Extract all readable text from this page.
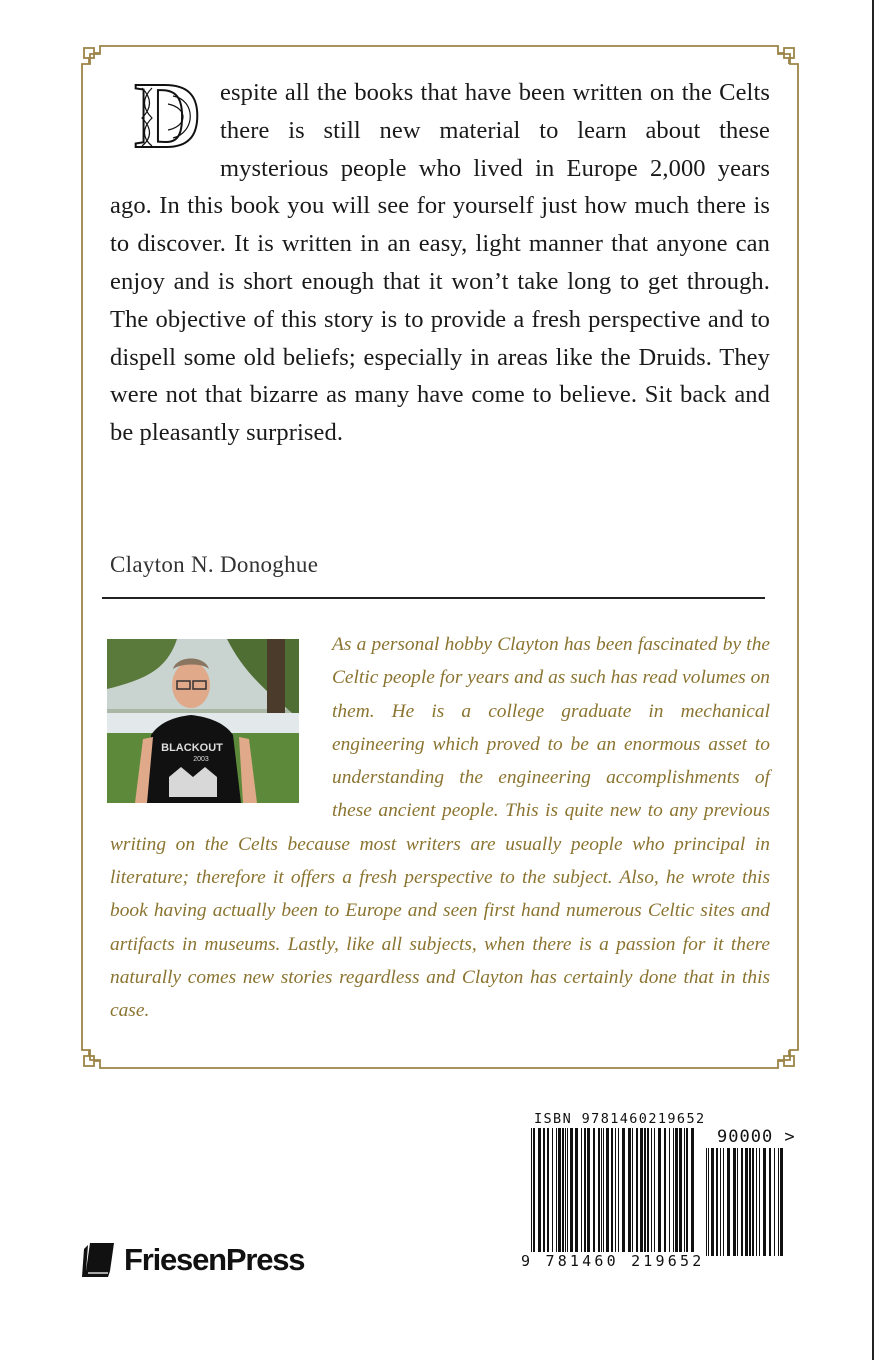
D espite all the books that have been written on the Celts there is still new material to learn about these mysterious people who lived in Europe 2,000 years ago. In this book you will see for yourself just how much there is to discover. It is written in an easy, light manner that anyone can enjoy and is short enough that it won’t take long to get through. The objective of this story is to provide a fresh perspective and to dispell some old beliefs; especially in areas like the Druids. They were not that bizarre as many have come to believe. Sit back and be pleasantly surprised.
Clayton N. Donoghue
BLACKOUT
2003
As a personal hobby Clayton has been fascinated by the Celtic people for years and as such has read volumes on them. He is a college graduate in mechanical engineering which proved to be an enormous asset to understanding the engineering accomplishments of these ancient people. This is quite new to any previous writing on the Celts because most writers are usually people who principal in literature; therefore it offers a fresh perspective to the subject. Also, he wrote this book having actually been to Europe and seen first hand numerous Celtic sites and artifacts in museums. Lastly, like all subjects, when there is a passion for it there naturally comes new stories regardless and Clayton has certainly done that in this case.
ISBN 9781460219652
90000 >
9 781460 219652
FriesenPress
